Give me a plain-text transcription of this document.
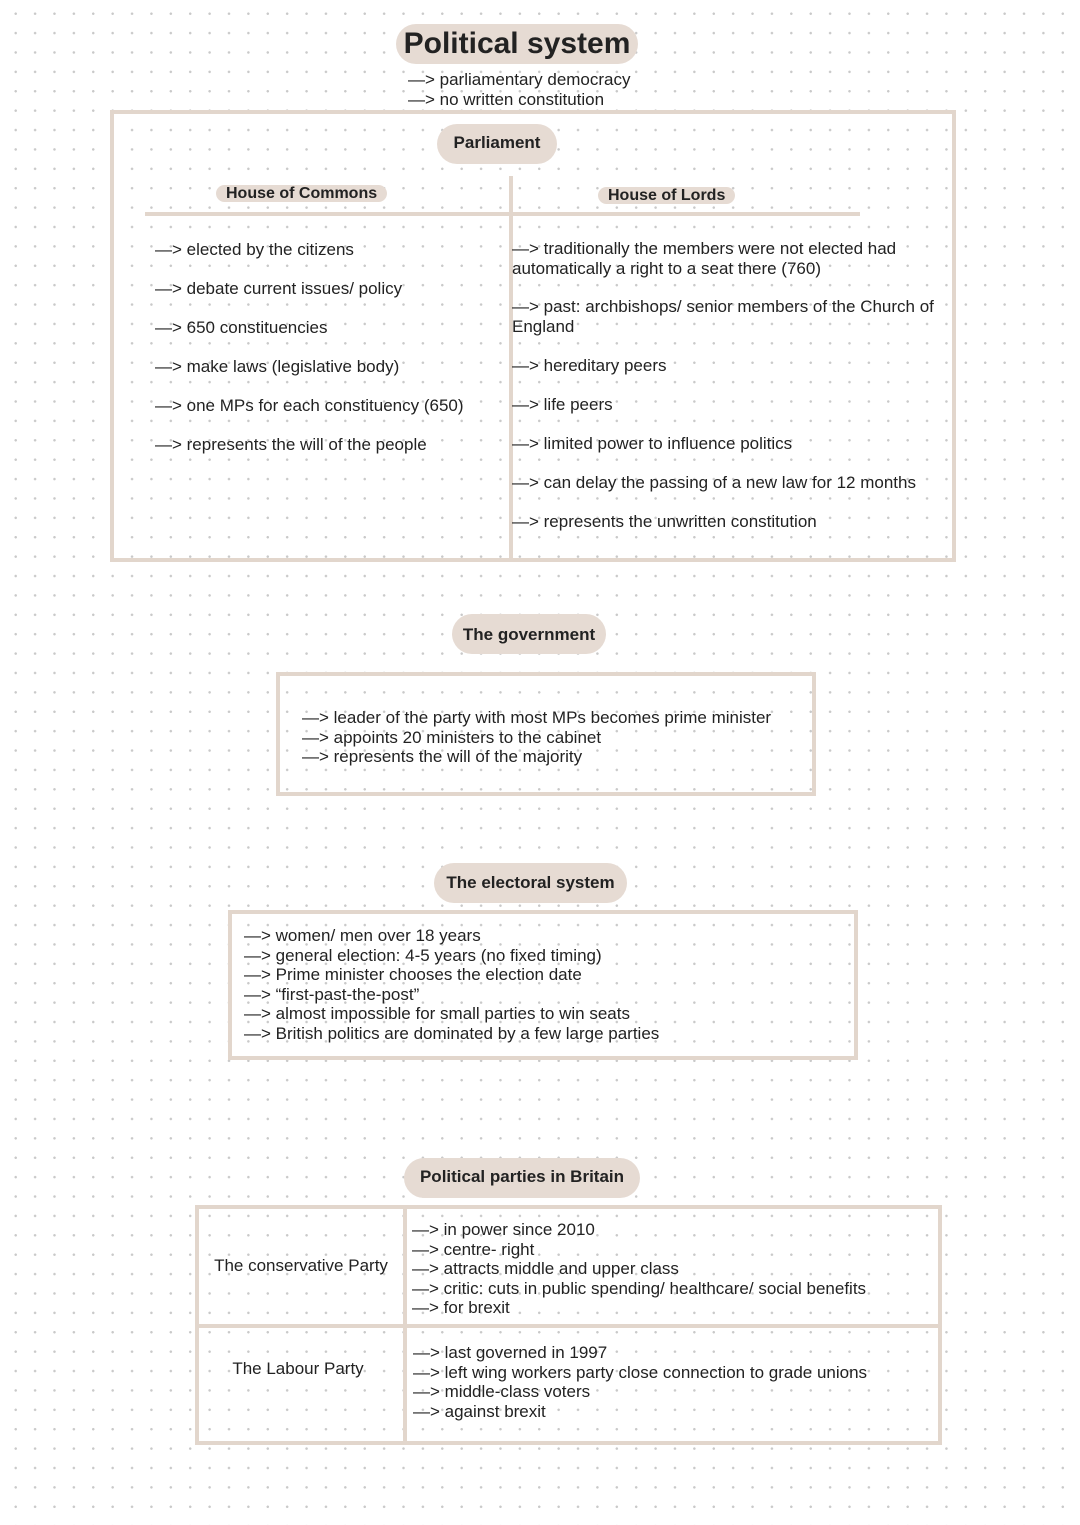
Political system
—> parliamentary democracy
—> no written constitution
Parliament
House of Commons	House of Lords
—> elected by the citizens
—> debate current issues/ policy
—> 650 constituencies
—> make laws (legislative body)
—> one MPs for each constituency (650)
—> represents the will of the people
—> traditionally the members were not elected had automatically a right to a seat there (760)
—> past: archbishops/ senior members of the Church of England
—> hereditary peers
—> life peers
—> limited power to influence politics
—> can delay the passing of a new law for 12 months
—> represents the unwritten constitution
The government
—> leader of the party with most MPs becomes prime minister
—> appoints 20 ministers to the cabinet
—> represents the will of the majority
The electoral system
—> women/ men over 18 years
—> general election: 4-5 years (no fixed timing)
—> Prime minister chooses the election date
—> “first-past-the-post”
—> almost impossible for small parties to win seats
—> British politics are dominated by a few large parties
Political parties in Britain
The conservative Party
—> in power since 2010
—> centre- right
—> attracts middle and upper class
—> critic: cuts in public spending/ healthcare/ social benefits
—> for brexit
The Labour Party
—> last governed in 1997
—> left wing workers party close connection to grade unions
—> middle-class voters
—> against brexit
